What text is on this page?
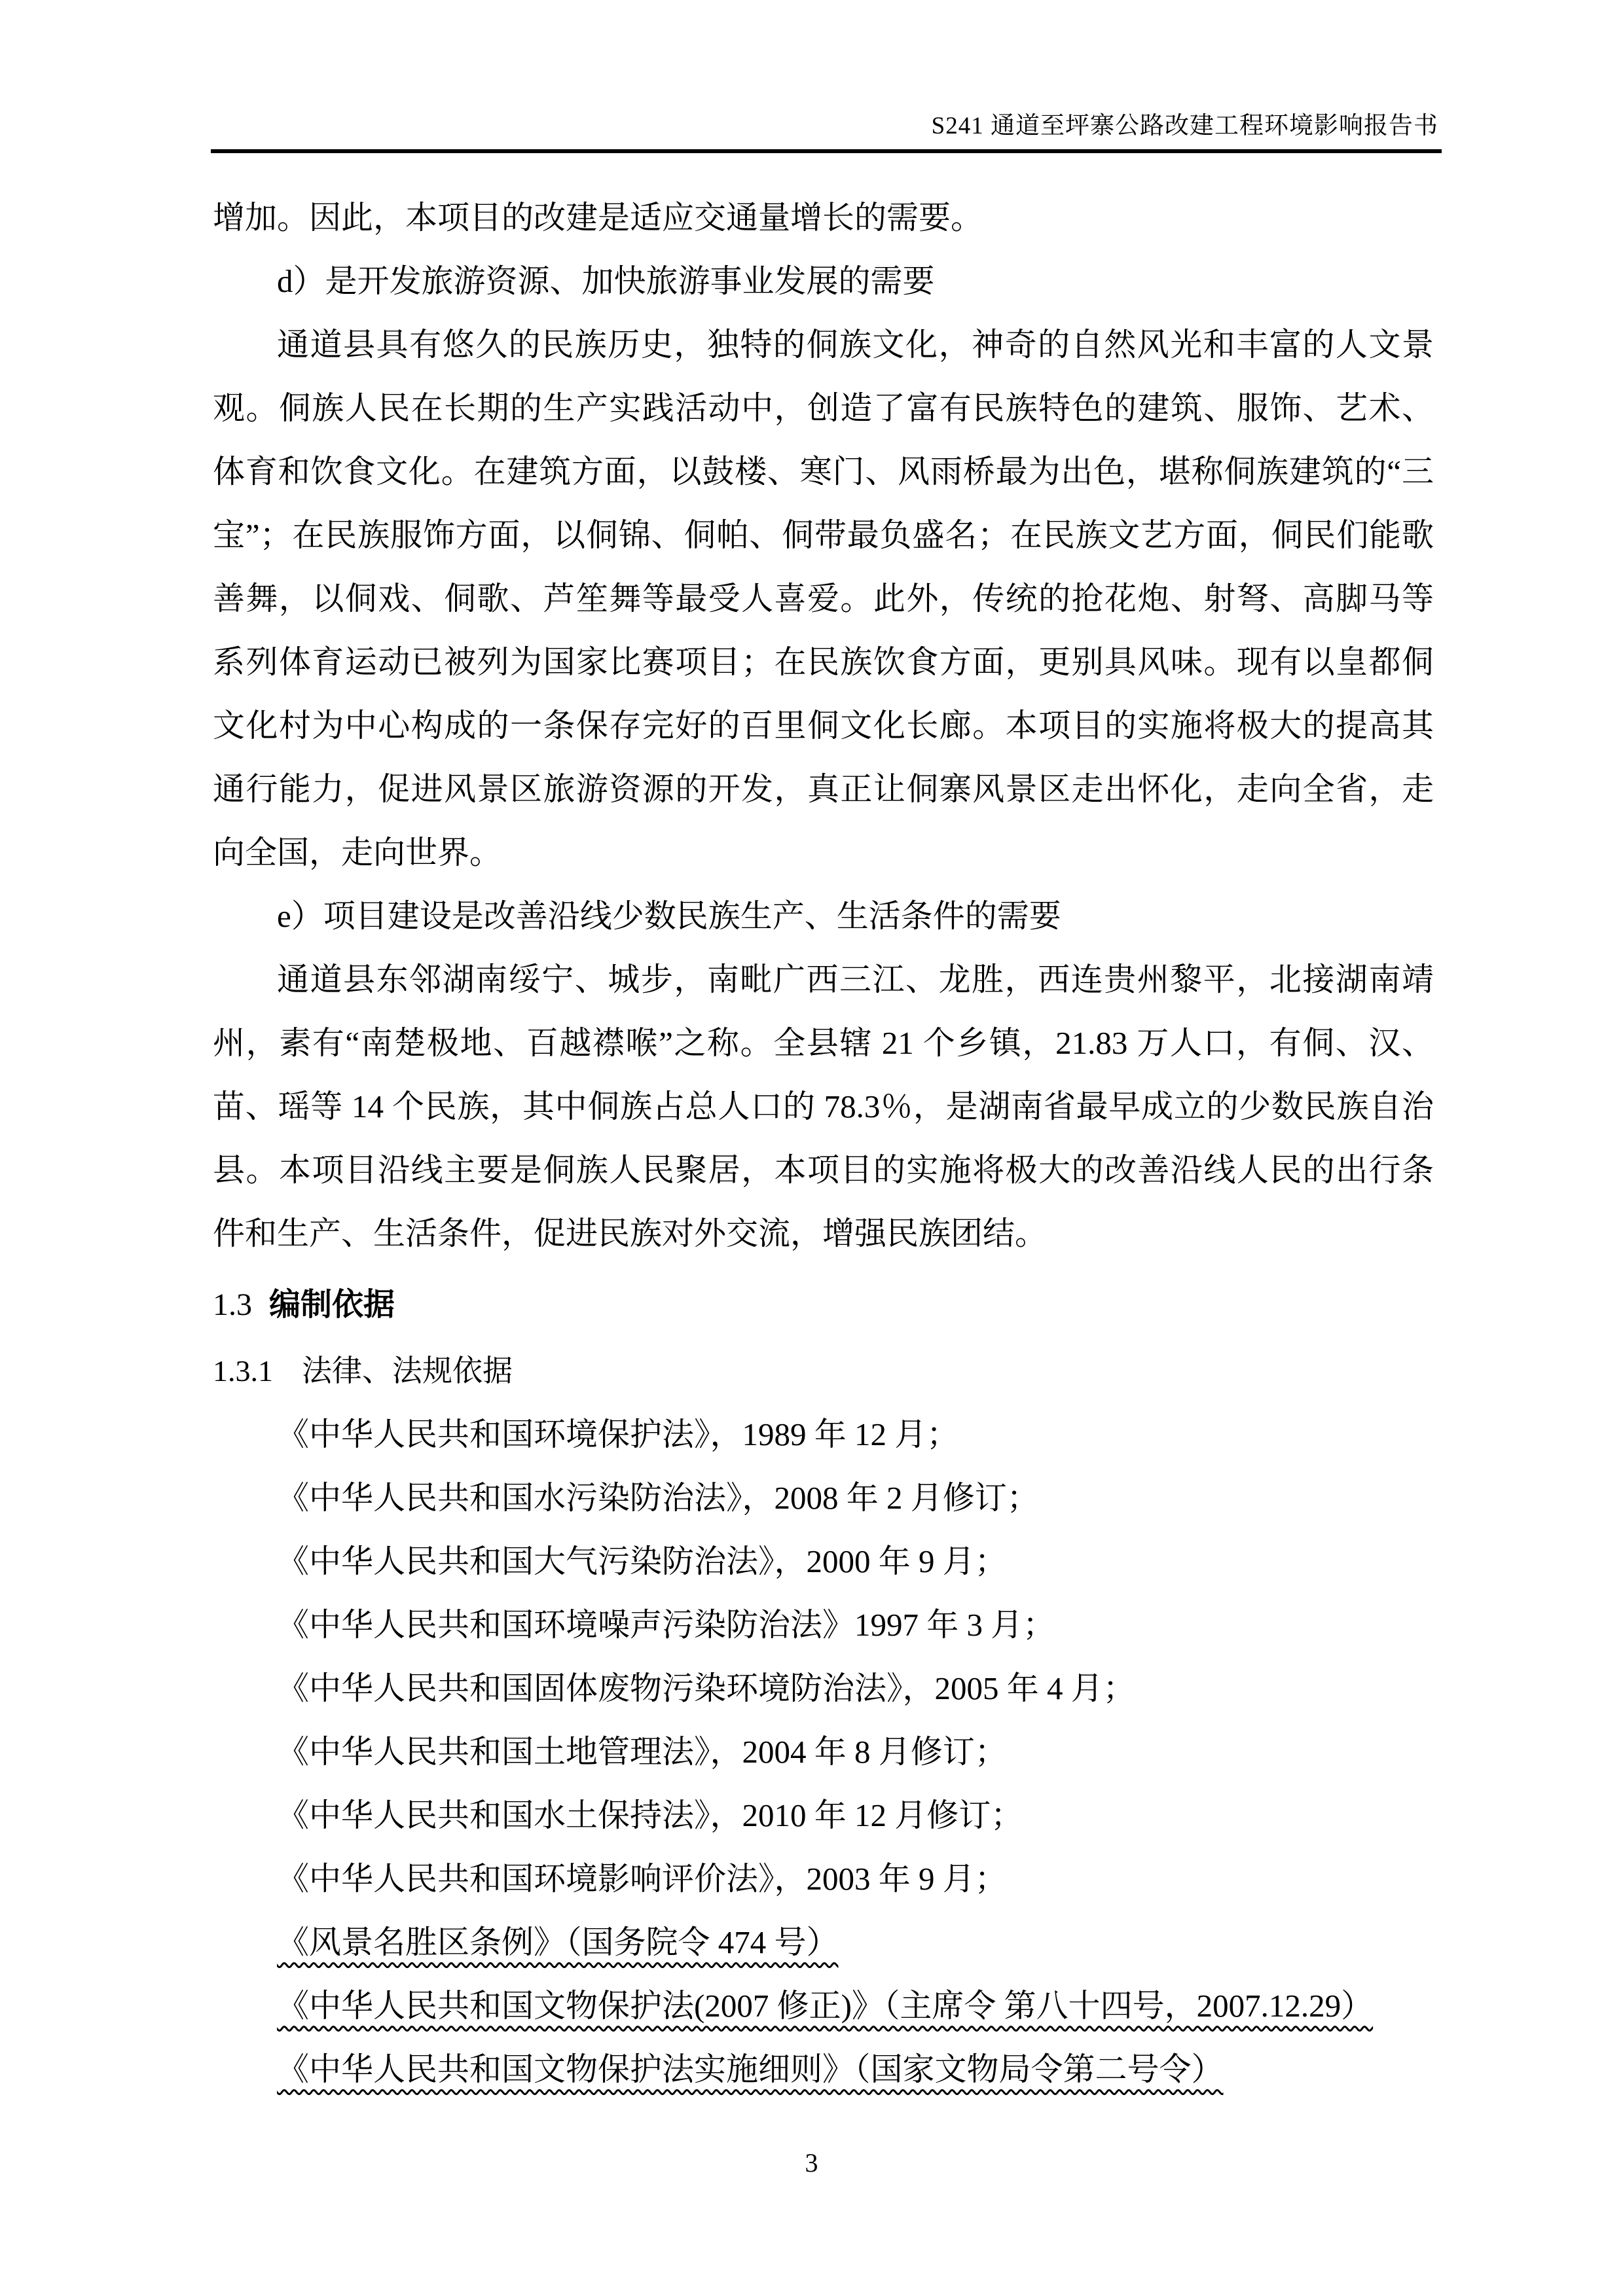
S241 通道至坪寨公路改建工程环境影响报告书

增加。因此，本项目的改建是适应交通量增长的需要。

d）是开发旅游资源、加快旅游事业发展的需要

通道县具有悠久的民族历史，独特的侗族文化，神奇的自然风光和丰富的人文景

观。侗族人民在长期的生产实践活动中，创造了富有民族特色的建筑、服饰、艺术、

体育和饮食文化。在建筑方面，以鼓楼、寒门、风雨桥最为出色，堪称侗族建筑的“三

宝”；在民族服饰方面，以侗锦、侗帕、侗带最负盛名；在民族文艺方面，侗民们能歌

善舞，以侗戏、侗歌、芦笙舞等最受人喜爱。此外，传统的抢花炮、射弩、高脚马等

系列体育运动已被列为国家比赛项目；在民族饮食方面，更别具风味。现有以皇都侗

文化村为中心构成的一条保存完好的百里侗文化长廊。本项目的实施将极大的提高其

通行能力，促进风景区旅游资源的开发，真正让侗寨风景区走出怀化，走向全省，走

向全国，走向世界。

e）项目建设是改善沿线少数民族生产、生活条件的需要

通道县东邻湖南绥宁、城步，南毗广西三江、龙胜，西连贵州黎平，北接湖南靖

州，素有“南楚极地、百越襟喉”之称。全县辖 21 个乡镇，21.83 万人口，有侗、汉、

苗、瑶等 14 个民族，其中侗族占总人口的 78.3％，是湖南省最早成立的少数民族自治

县。本项目沿线主要是侗族人民聚居，本项目的实施将极大的改善沿线人民的出行条

件和生产、生活条件，促进民族对外交流，增强民族团结。

1.3 编制依据

1.3.1 法律、法规依据

《中华人民共和国环境保护法》，1989 年 12 月；

《中华人民共和国水污染防治法》，2008 年 2 月修订；

《中华人民共和国大气污染防治法》，2000 年 9 月；

《中华人民共和国环境噪声污染防治法》1997 年 3 月；

《中华人民共和国固体废物污染环境防治法》，2005 年 4 月；

《中华人民共和国土地管理法》，2004 年 8 月修订；

《中华人民共和国水土保持法》，2010 年 12 月修订；

《中华人民共和国环境影响评价法》，2003 年 9 月；

《风景名胜区条例》（国务院令 474 号）

《中华人民共和国文物保护法(2007 修正)》（主席令 第八十四号，2007.12.29）

《中华人民共和国文物保护法实施细则》（国家文物局令第二号令）

3
